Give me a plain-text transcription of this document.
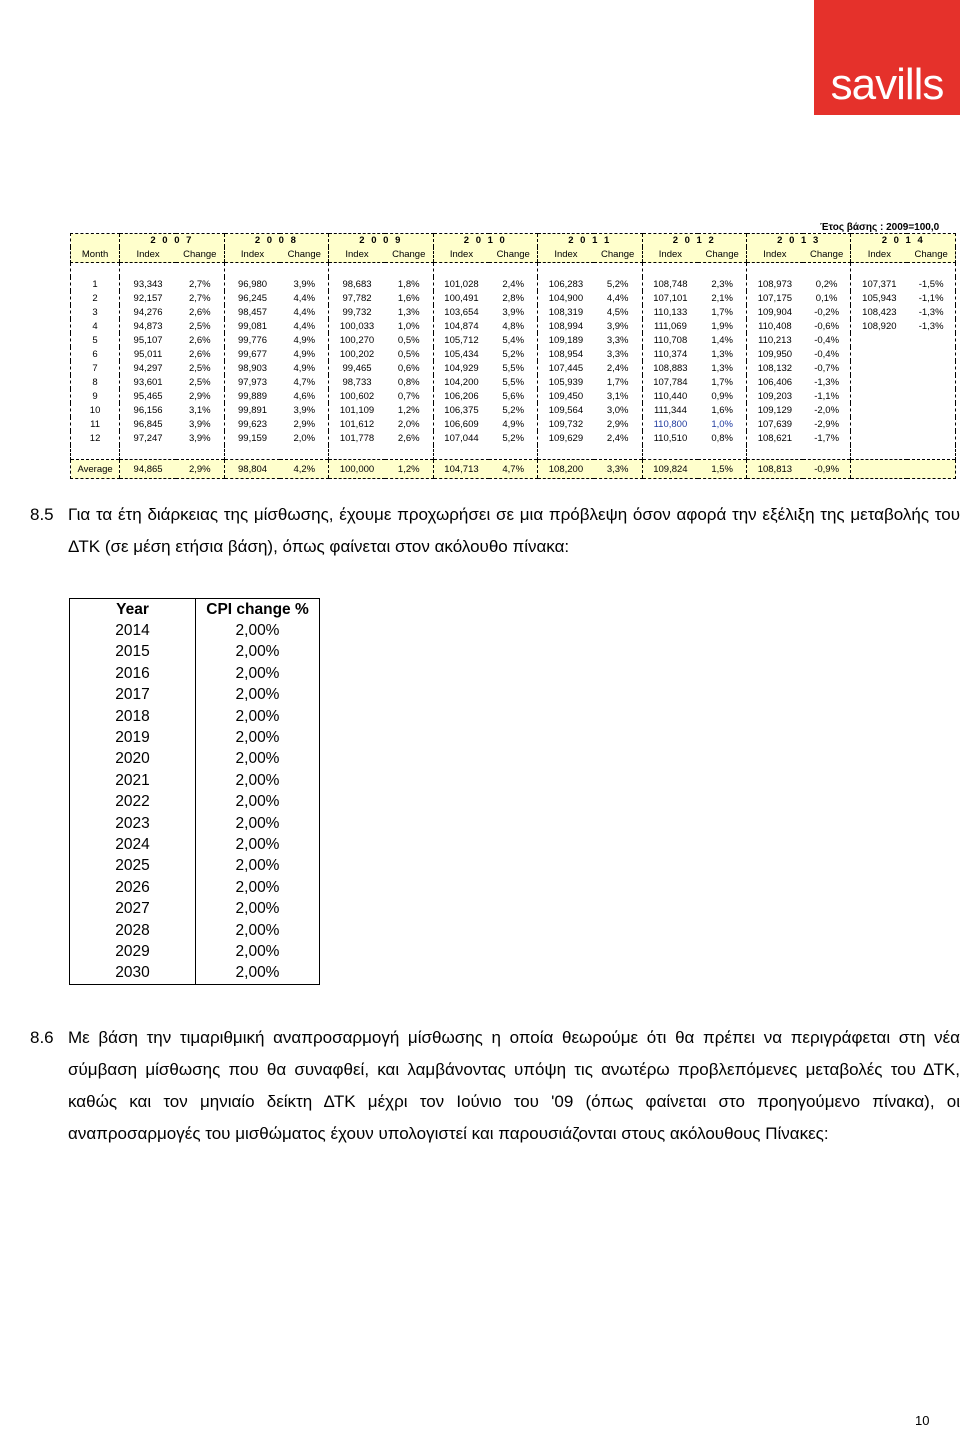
savills
Έτος βάσης : 2009=100,0
	2 0 0 7		2 0 0 8		2 0 0 9		2 0 1 0		2 0 1 1		2 0 1 2		2 0 1 3		2 0 1 4	
Month	Index	Change	Index	Change	Index	Change	Index	Change	Index	Change	Index	Change	Index	Change	Index	Change

1	93,343	2,7%	96,980	3,9%	98,683	1,8%	101,028	2,4%	106,283	5,2%	108,748	2,3%	108,973	0,2%	107,371	-1,5%
2	92,157	2,7%	96,245	4,4%	97,782	1,6%	100,491	2,8%	104,900	4,4%	107,101	2,1%	107,175	0,1%	105,943	-1,1%
3	94,276	2,6%	98,457	4,4%	99,732	1,3%	103,654	3,9%	108,319	4,5%	110,133	1,7%	109,904	-0,2%	108,423	-1,3%
4	94,873	2,5%	99,081	4,4%	100,033	1,0%	104,874	4,8%	108,994	3,9%	111,069	1,9%	110,408	-0,6%	108,920	-1,3%
5	95,107	2,6%	99,776	4,9%	100,270	0,5%	105,712	5,4%	109,189	3,3%	110,708	1,4%	110,213	-0,4%		
6	95,011	2,6%	99,677	4,9%	100,202	0,5%	105,434	5,2%	108,954	3,3%	110,374	1,3%	109,950	-0,4%		
7	94,297	2,5%	98,903	4,9%	99,465	0,6%	104,929	5,5%	107,445	2,4%	108,883	1,3%	108,132	-0,7%		
8	93,601	2,5%	97,973	4,7%	98,733	0,8%	104,200	5,5%	105,939	1,7%	107,784	1,7%	106,406	-1,3%		
9	95,465	2,9%	99,889	4,6%	100,602	0,7%	106,206	5,6%	109,450	3,1%	110,440	0,9%	109,203	-1,1%		
10	96,156	3,1%	99,891	3,9%	101,109	1,2%	106,375	5,2%	109,564	3,0%	111,344	1,6%	109,129	-2,0%		
11	96,845	3,9%	99,623	2,9%	101,612	2,0%	106,609	4,9%	109,732	2,9%	110,800	1,0%	107,639	-2,9%		
12	97,247	3,9%	99,159	2,0%	101,778	2,6%	107,044	5,2%	109,629	2,4%	110,510	0,8%	108,621	-1,7%		

Average	94,865	2,9%	98,804	4,2%	100,000	1,2%	104,713	4,7%	108,200	3,3%	109,824	1,5%	108,813	-0,9%		
8.5 Για τα έτη διάρκειας της μίσθωσης, έχουμε προχωρήσει σε μια πρόβλεψη όσον αφορά την εξέλιξη της μεταβολής του ΔΤΚ (σε μέση ετήσια βάση), όπως φαίνεται στον ακόλουθο πίνακα:
Year	CPI change %
2014	2,00%
2015	2,00%
2016	2,00%
2017	2,00%
2018	2,00%
2019	2,00%
2020	2,00%
2021	2,00%
2022	2,00%
2023	2,00%
2024	2,00%
2025	2,00%
2026	2,00%
2027	2,00%
2028	2,00%
2029	2,00%
2030	2,00%
8.6 Με βάση την τιμαριθμική αναπροσαρμογή μίσθωσης η οποία θεωρούμε ότι θα πρέπει να περιγράφεται στη νέα σύμβαση μίσθωσης που θα συναφθεί, και λαμβάνοντας υπόψη τις ανωτέρω προβλεπόμενες μεταβολές του ΔΤΚ, καθώς και τον μηνιαίο δείκτη ΔΤΚ μέχρι τον Ιούνιο του '09 (όπως φαίνεται στο προηγούμενο πίνακα), οι αναπροσαρμογές του μισθώματος έχουν υπολογιστεί και παρουσιάζονται στους ακόλουθους Πίνακες:
10
